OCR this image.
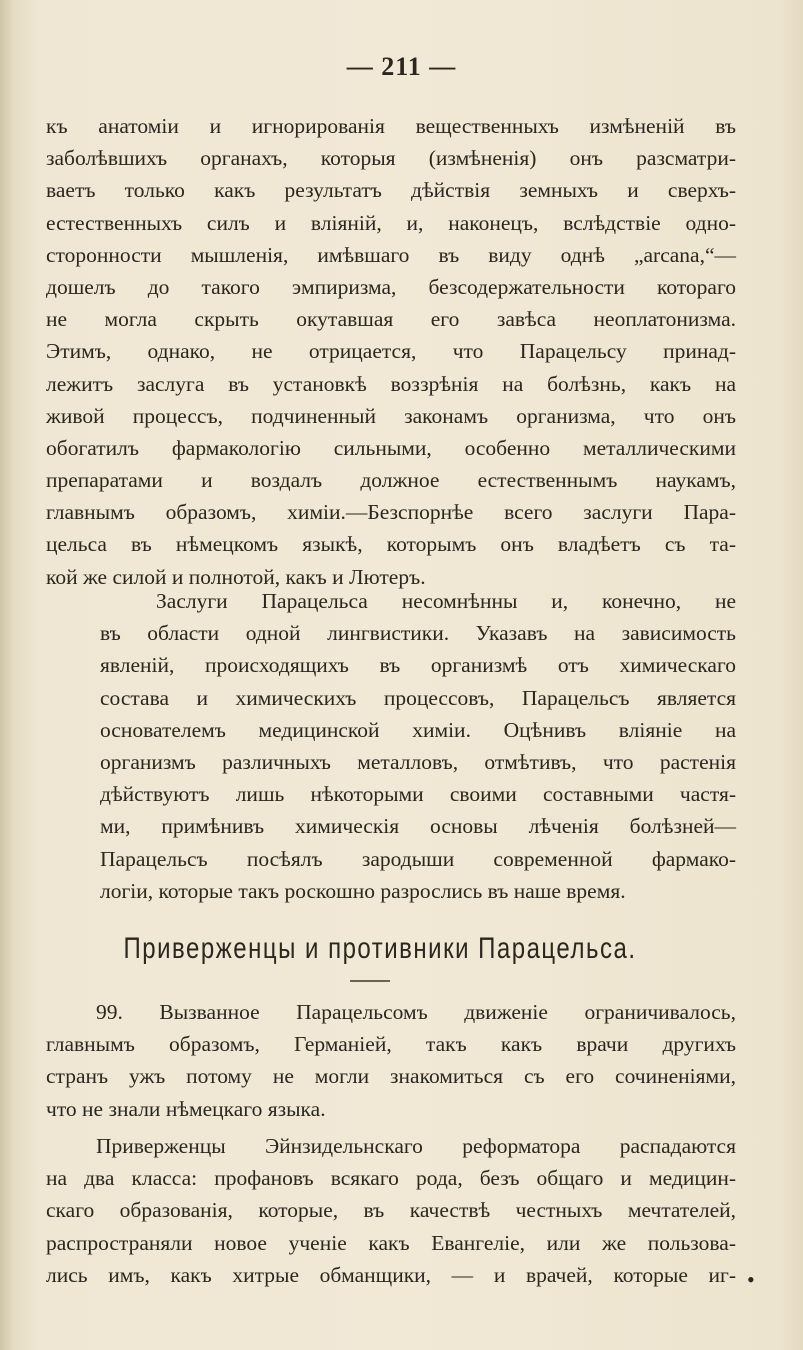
— 211 —
къ анатоміи и игнорированія вещественныхъ измѣненій въ
заболѣвшихъ органахъ, которыя (измѣненія) онъ разсматри-
ваетъ только какъ результатъ дѣйствія земныхъ и сверхъ-
естественныхъ силъ и вліяній, и, наконецъ, вслѣдствіе одно-
сторонности мышленія, имѣвшаго въ виду однѣ „arcana,“—
дошелъ до такого эмпиризма, безсодержательности котораго
не могла скрыть окутавшая его завѣса неоплатонизма.
Этимъ, однако, не отрицается, что Парацельсу принад-
лежитъ заслуга въ установкѣ воззрѣнія на болѣзнь, какъ на
живой процессъ, подчиненный законамъ организма, что онъ
обогатилъ фармакологію сильными, особенно металлическими
препаратами и воздалъ должное естественнымъ наукамъ,
главнымъ образомъ, химіи.—Безспорнѣе всего заслуги Пара-
цельса въ нѣмецкомъ языкѣ, которымъ онъ владѣетъ съ та-
кой же силой и полнотой, какъ и Лютеръ.
Заслуги Парацельса несомнѣнны и, конечно, не
въ области одной лингвистики. Указавъ на зависимость
явленій, происходящихъ въ организмѣ отъ химическаго
состава и химическихъ процессовъ, Парацельсъ является
основателемъ медицинской химіи. Оцѣнивъ вліяніе на
организмъ различныхъ металловъ, отмѣтивъ, что растенія
дѣйствуютъ лишь нѣкоторыми своими составными частя-
ми, примѣнивъ химическія основы лѣченія болѣзней—
Парацельсъ посѣялъ зародыши современной фармако-
логіи, которые такъ роскошно разрослись въ наше время.
Приверженцы и противники Парацельса.
99. Вызванное Парацельсомъ движеніе ограничивалось,
главнымъ образомъ, Германіей, такъ какъ врачи другихъ
странъ ужъ потому не могли знакомиться съ его сочиненіями,
что не знали нѣмецкаго языка.
Приверженцы Эйнзидельнскаго реформатора распадаются
на два класса: профановъ всякаго рода, безъ общаго и медицин-
скаго образованія, которые, въ качествѣ честныхъ мечтателей,
распространяли новое ученіе какъ Евангеліе, или же пользова-
лись имъ, какъ хитрые обманщики, — и врачей, которые иг- •
